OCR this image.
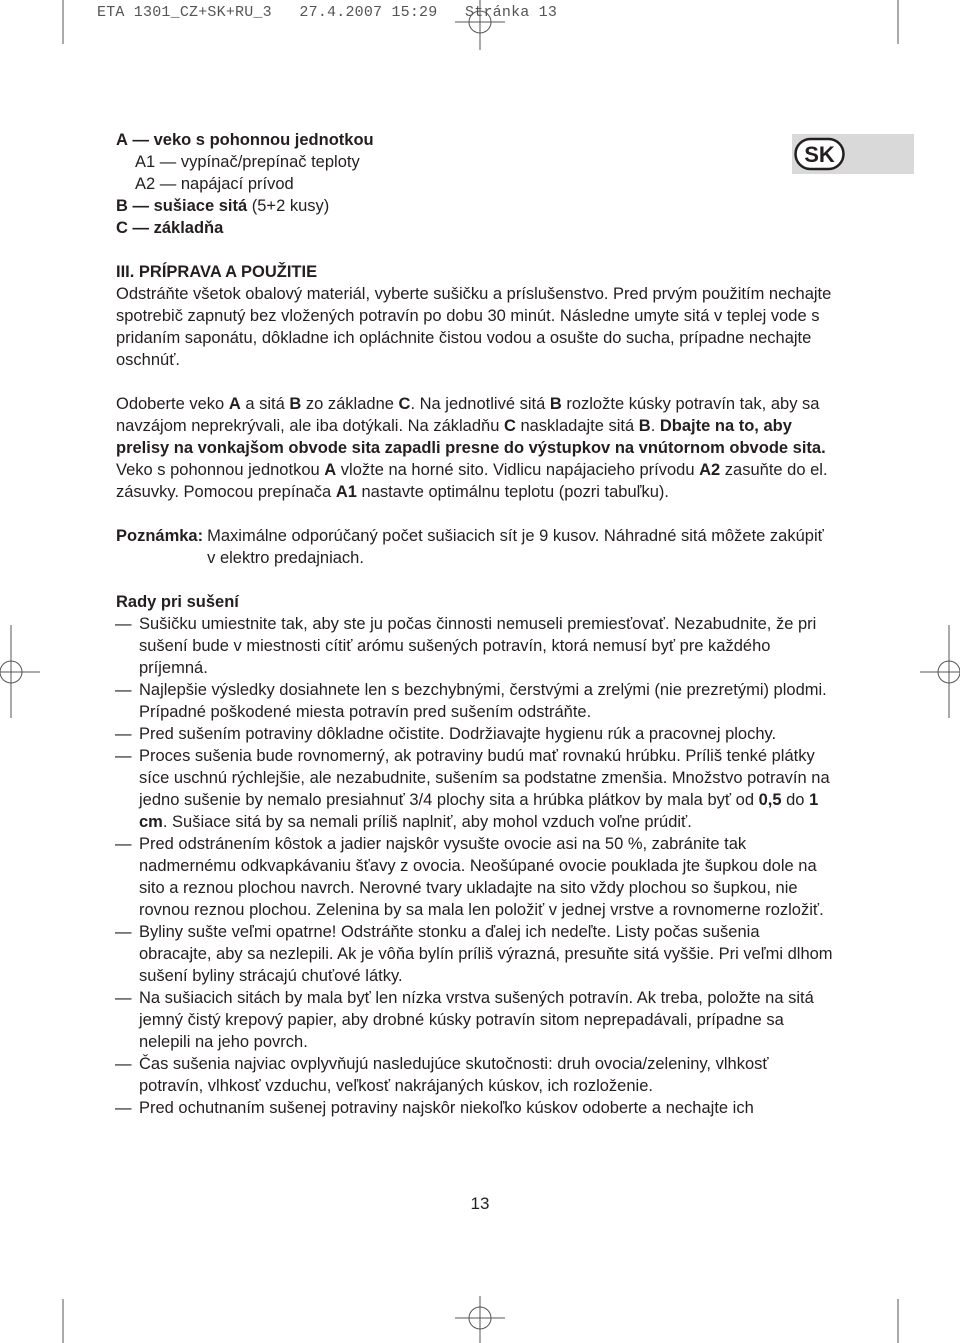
ETA 1301_CZ+SK+RU_3   27.4.2007 15:29   Stránka 13

SK
A — veko s pohonnou jednotkou
A1 — vypínač/prepínač teploty
A2 — napájací prívod
B — sušiace sitá (5+2 kusy)
C — základňa

III. PRÍPRAVA A POUŽITIE

Odstráňte všetok obalový materiál, vyberte sušičku a príslušenstvo. Pred prvým použitím nechajte spotrebič zapnutý bez vložených potravín po dobu 30 minút. Následne umyte sitá v teplej vode s pridaním saponátu, dôkladne ich opláchnite čistou vodou a osušte do sucha, prípadne nechajte oschnúť.

Odoberte veko A a sitá B zo základne C. Na jednotlivé sitá B rozložte kúsky potravín tak, aby sa navzájom neprekrývali, ale iba dotýkali. Na základňu C naskladajte sitá B. Dbajte na to, aby prelisy na vonkajšom obvode sita zapadli presne do výstupkov na vnútornom obvode sita. Veko s pohonnou jednotkou A vložte na horné sito. Vidlicu napájacieho prívodu A2 zasuňte do el. zásuvky. Pomocou prepínača A1 nastavte optimálnu teplotu (pozri tabuľku).

Poznámka: Maximálne odporúčaný počet sušiacich sít je 9 kusov. Náhradné sitá môžete zakúpiť v elektro predajniach.

Rady pri sušení

— Sušičku umiestnite tak, aby ste ju počas činnosti nemuseli premiesťovať. Nezabudnite, že pri sušení bude v miestnosti cítiť arómu sušených potravín, ktorá nemusí byť pre každého príjemná.
— Najlepšie výsledky dosiahnete len s bezchybnými, čerstvými a zrelými (nie prezretými) plodmi. Prípadné poškodené miesta potravín pred sušením odstráňte.
— Pred sušením potraviny dôkladne očistite. Dodržiavajte hygienu rúk a pracovnej plochy.
— Proces sušenia bude rovnomerný, ak potraviny budú mať rovnakú hrúbku. Príliš tenké plátky síce uschnú rýchlejšie, ale nezabudnite, sušením sa podstatne zmenšia. Množstvo potravín na jedno sušenie by nemalo presiahnuť 3/4 plochy sita a hrúbka plátkov by mala byť od 0,5 do 1 cm. Sušiace sitá by sa nemali príliš naplniť, aby mohol vzduch voľne prúdiť.
— Pred odstránením kôstok a jadier najskôr vysušte ovocie asi na 50 %, zabránite tak nadmernému odkvapkávaniu šťavy z ovocia. Neošúpané ovocie pouklada jte šupkou dole na sito a reznou plochou navrch. Nerovné tvary ukladajte na sito vždy plochou so šupkou, nie rovnou reznou plochou. Zelenina by sa mala len položiť v jednej vrstve a rovnomerne rozložiť.
— Byliny sušte veľmi opatrne! Odstráňte stonku a ďalej ich nedeľte. Listy počas sušenia obracajte, aby sa nezlepili. Ak je vôňa bylín príliš výrazná, presuňte sitá vyššie. Pri veľmi dlhom sušení byliny strácajú chuťové látky.
— Na sušiacich sitách by mala byť len nízka vrstva sušených potravín. Ak treba, položte na sitá jemný čistý krepový papier, aby drobné kúsky potravín sitom neprepadávali, prípadne sa nelepili na jeho povrch.
— Čas sušenia najviac ovplyvňujú nasledujúce skutočnosti: druh ovocia/zeleniny, vlhkosť potravín, vlhkosť vzduchu, veľkosť nakrájaných kúskov, ich rozloženie.
— Pred ochutnaním sušenej potraviny najskôr niekoľko kúskov odoberte a nechajte ich

13
